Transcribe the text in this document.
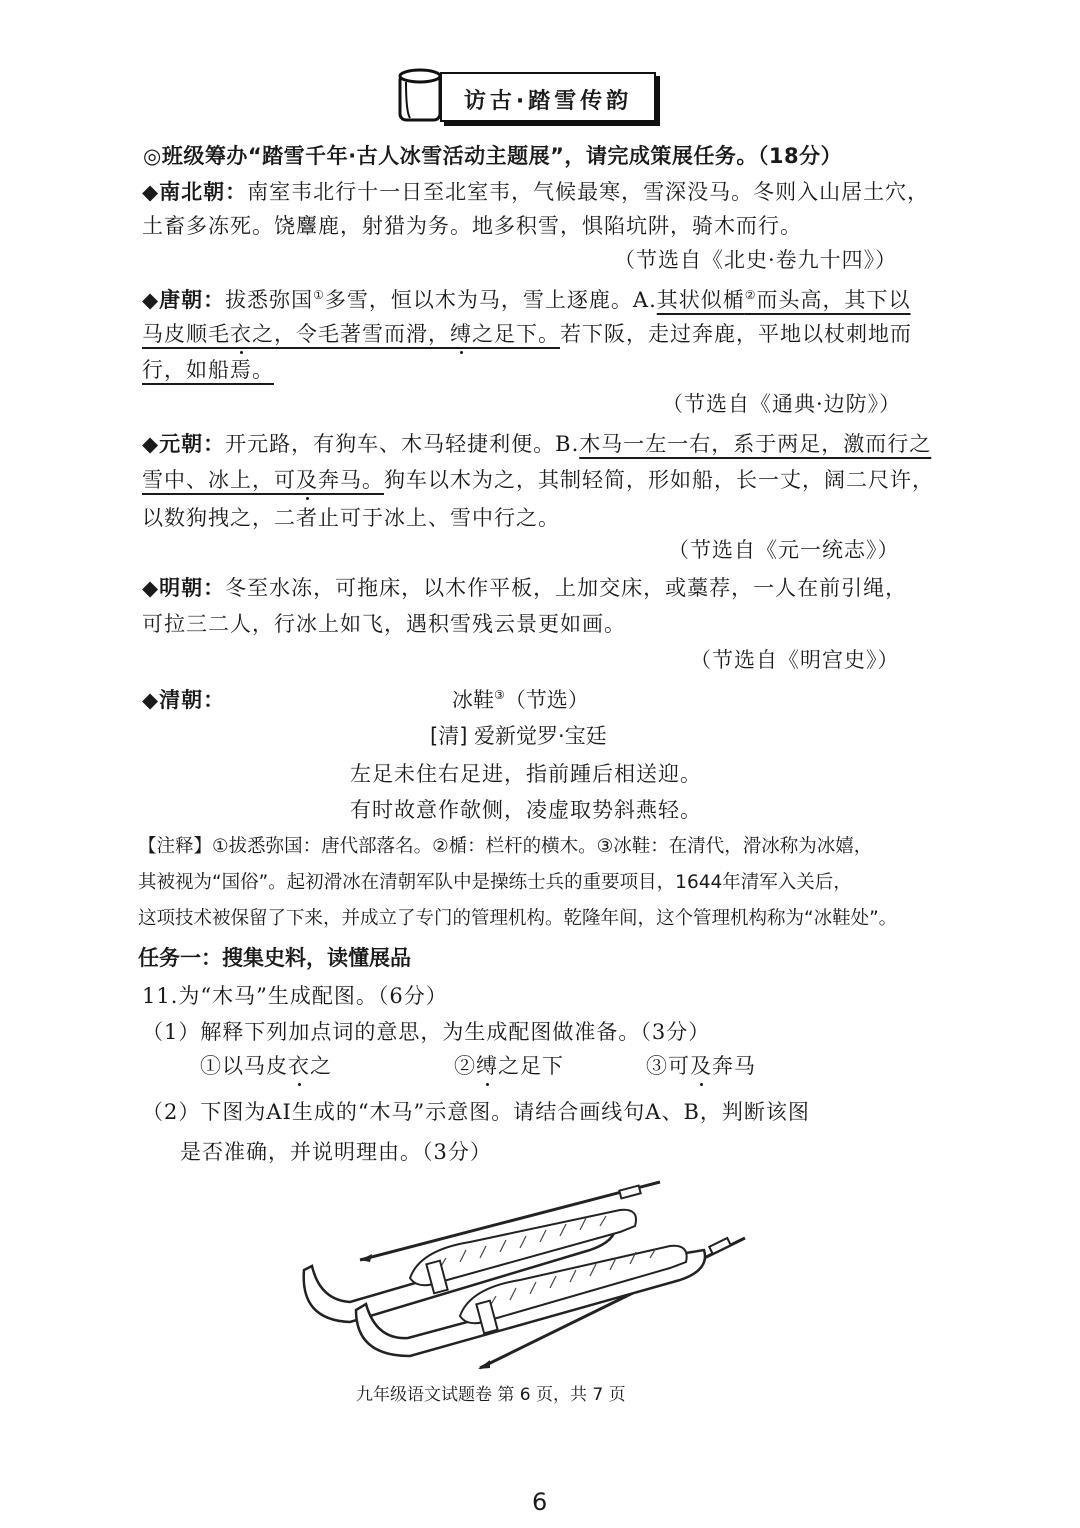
访古·踏雪传韵
◎班级筹办“踏雪千年·古人冰雪活动主题展”，请完成策展任务。（18分）
◆南北朝：南室韦北行十一日至北室韦，气候最寒，雪深没马。冬则入山居土穴，
土畜多冻死。饶麞鹿，射猎为务。地多积雪，惧陷坑阱，骑木而行。
（节选自《北史·卷九十四》）
◆唐朝：拔悉弥国①多雪，恒以木为马，雪上逐鹿。A.其状似楯②而头高，其下以
马皮顺毛衣之，令毛著雪而滑，缚之足下。若下阪，走过奔鹿，平地以杖刺地而
行，如船焉。
（节选自《通典·边防》）
◆元朝：开元路，有狗车、木马轻捷利便。B.木马一左一右，系于两足，激而行之
雪中、冰上，可及奔马。狗车以木为之，其制轻简，形如船，长一丈，阔二尺许，
以数狗拽之，二者止可于冰上、雪中行之。
（节选自《元一统志》）
◆明朝：冬至水冻，可拖床，以木作平板，上加交床，或藁荐，一人在前引绳，
可拉三二人，行冰上如飞，遇积雪残云景更如画。
（节选自《明宫史》）
◆清朝：	冰鞋③（节选）
[清] 爱新觉罗·宝廷
左足未住右足进，指前踵后相送迎。
有时故意作欹侧，凌虚取势斜燕轻。
【注释】①拔悉弥国：唐代部落名。②楯：栏杆的横木。③冰鞋：在清代，滑冰称为冰嬉，
其被视为“国俗”。起初滑冰在清朝军队中是操练士兵的重要项目，1644年清军入关后，
这项技术被保留了下来，并成立了专门的管理机构。乾隆年间，这个管理机构称为“冰鞋处”。
任务一：搜集史料，读懂展品
11.为“木马”生成配图。（6分）
（1）解释下列加点词的意思，为生成配图做准备。（3分）
①以马皮衣之	②缚之足下	③可及奔马
（2）下图为AI生成的“木马”示意图。请结合画线句A、B，判断该图
是否准确，并说明理由。（3分）
九年级语文试题卷 第 6 页，共 7 页
6
